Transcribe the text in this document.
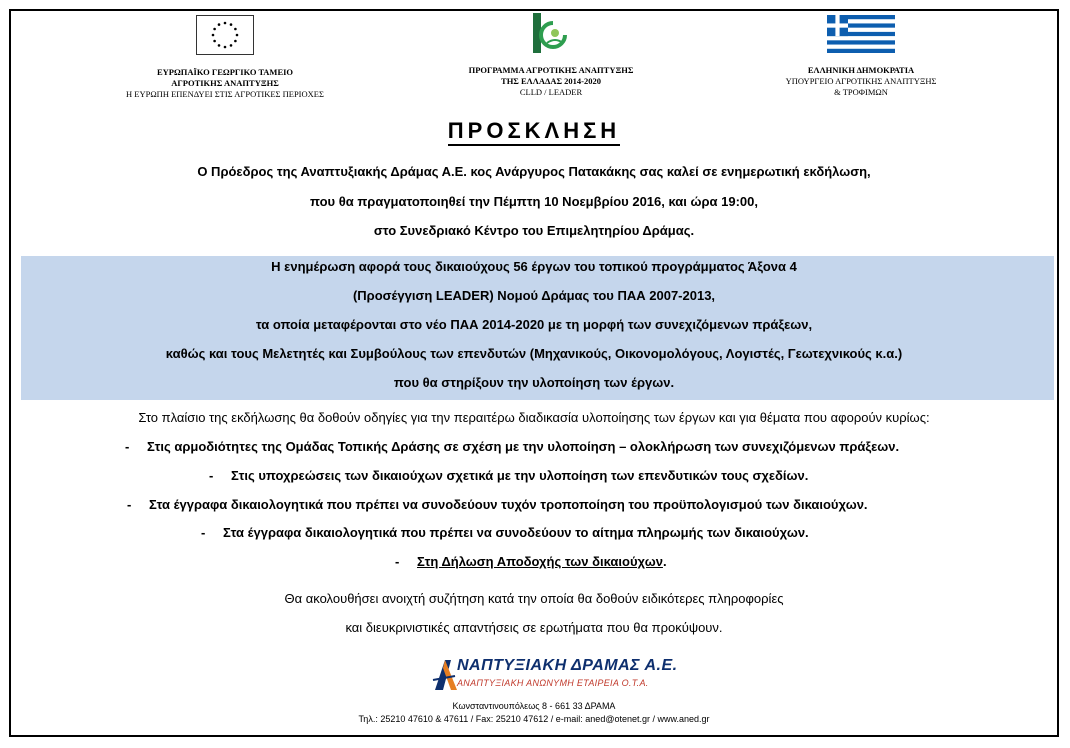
ΕΥΡΩΠΑΪΚΟ ΓΕΩΡΓΙΚΟ ΤΑΜΕΙΟ
ΑΓΡΟΤΙΚΗΣ ΑΝΑΠΤΥΞΗΣ
Η ΕΥΡΩΠΗ ΕΠΕΝΔΥΕΙ ΣΤΙΣ ΑΓΡΟΤΙΚΕΣ ΠΕΡΙΟΧΕΣ
ΠΡΟΓΡΑΜΜΑ ΑΓΡΟΤΙΚΗΣ ΑΝΑΠΤΥΞΗΣ
ΤΗΣ ΕΛΛΑΔΑΣ 2014-2020
CLLD / LEADER
ΕΛΛΗΝΙΚΗ ΔΗΜΟΚΡΑΤΙΑ
ΥΠΟΥΡΓΕΙΟ ΑΓΡΟΤΙΚΗΣ ΑΝΑΠΤΥΞΗΣ
& ΤΡΟΦΙΜΩΝ
ΠΡΟΣΚΛΗΣΗ
Ο Πρόεδρος της Αναπτυξιακής Δράμας Α.Ε. κος Ανάργυρος Πατακάκης σας καλεί σε ενημερωτική εκδήλωση,
που θα πραγματοποιηθεί την Πέμπτη 10 Νοεμβρίου 2016, και ώρα 19:00,
στο Συνεδριακό Κέντρο του Επιμελητηρίου Δράμας.
Η ενημέρωση αφορά τους δικαιούχους 56 έργων του τοπικού προγράμματος Άξονα 4
(Προσέγγιση LEADER) Νομού Δράμας του ΠΑΑ 2007-2013,
τα οποία μεταφέρονται στο νέο ΠΑΑ 2014-2020 με τη μορφή των συνεχιζόμενων πράξεων,
καθώς και τους Μελετητές και Συμβούλους των επενδυτών (Μηχανικούς, Οικονομολόγους, Λογιστές, Γεωτεχνικούς κ.α.)
που θα στηρίξουν την υλοποίηση των έργων.
Στο πλαίσιο της εκδήλωσης θα δοθούν οδηγίες για την περαιτέρω διαδικασία υλοποίησης των έργων και για θέματα που αφορούν κυρίως:
- Στις αρμοδιότητες της Ομάδας Τοπικής Δράσης σε σχέση με την υλοποίηση – ολοκλήρωση των συνεχιζόμενων πράξεων.
- Στις υποχρεώσεις των δικαιούχων σχετικά με την υλοποίηση των επενδυτικών τους σχεδίων.
- Στα έγγραφα δικαιολογητικά που πρέπει να συνοδεύουν τυχόν τροποποίηση του προϋπολογισμού των δικαιούχων.
- Στα έγγραφα δικαιολογητικά που πρέπει να συνοδεύουν το αίτημα πληρωμής των δικαιούχων.
- Στη Δήλωση Αποδοχής των δικαιούχων.
Θα ακολουθήσει ανοιχτή συζήτηση κατά την οποία θα δοθούν ειδικότερες πληροφορίες
και διευκρινιστικές απαντήσεις σε ερωτήματα που θα προκύψουν.
ΝΑΠΤΥΞΙΑΚΗ ΔΡΑΜΑΣ Α.Ε.
ΑΝΑΠΤΥΞΙΑΚΗ ΑΝΩΝΥΜΗ ΕΤΑΙΡΕΙΑ Ο.Τ.Α.
Κωνσταντινουπόλεως 8 - 661 33 ΔΡΑΜΑ
Τηλ.: 25210 47610 & 47611 / Fax: 25210 47612 / e-mail: aned@otenet.gr / www.aned.gr
